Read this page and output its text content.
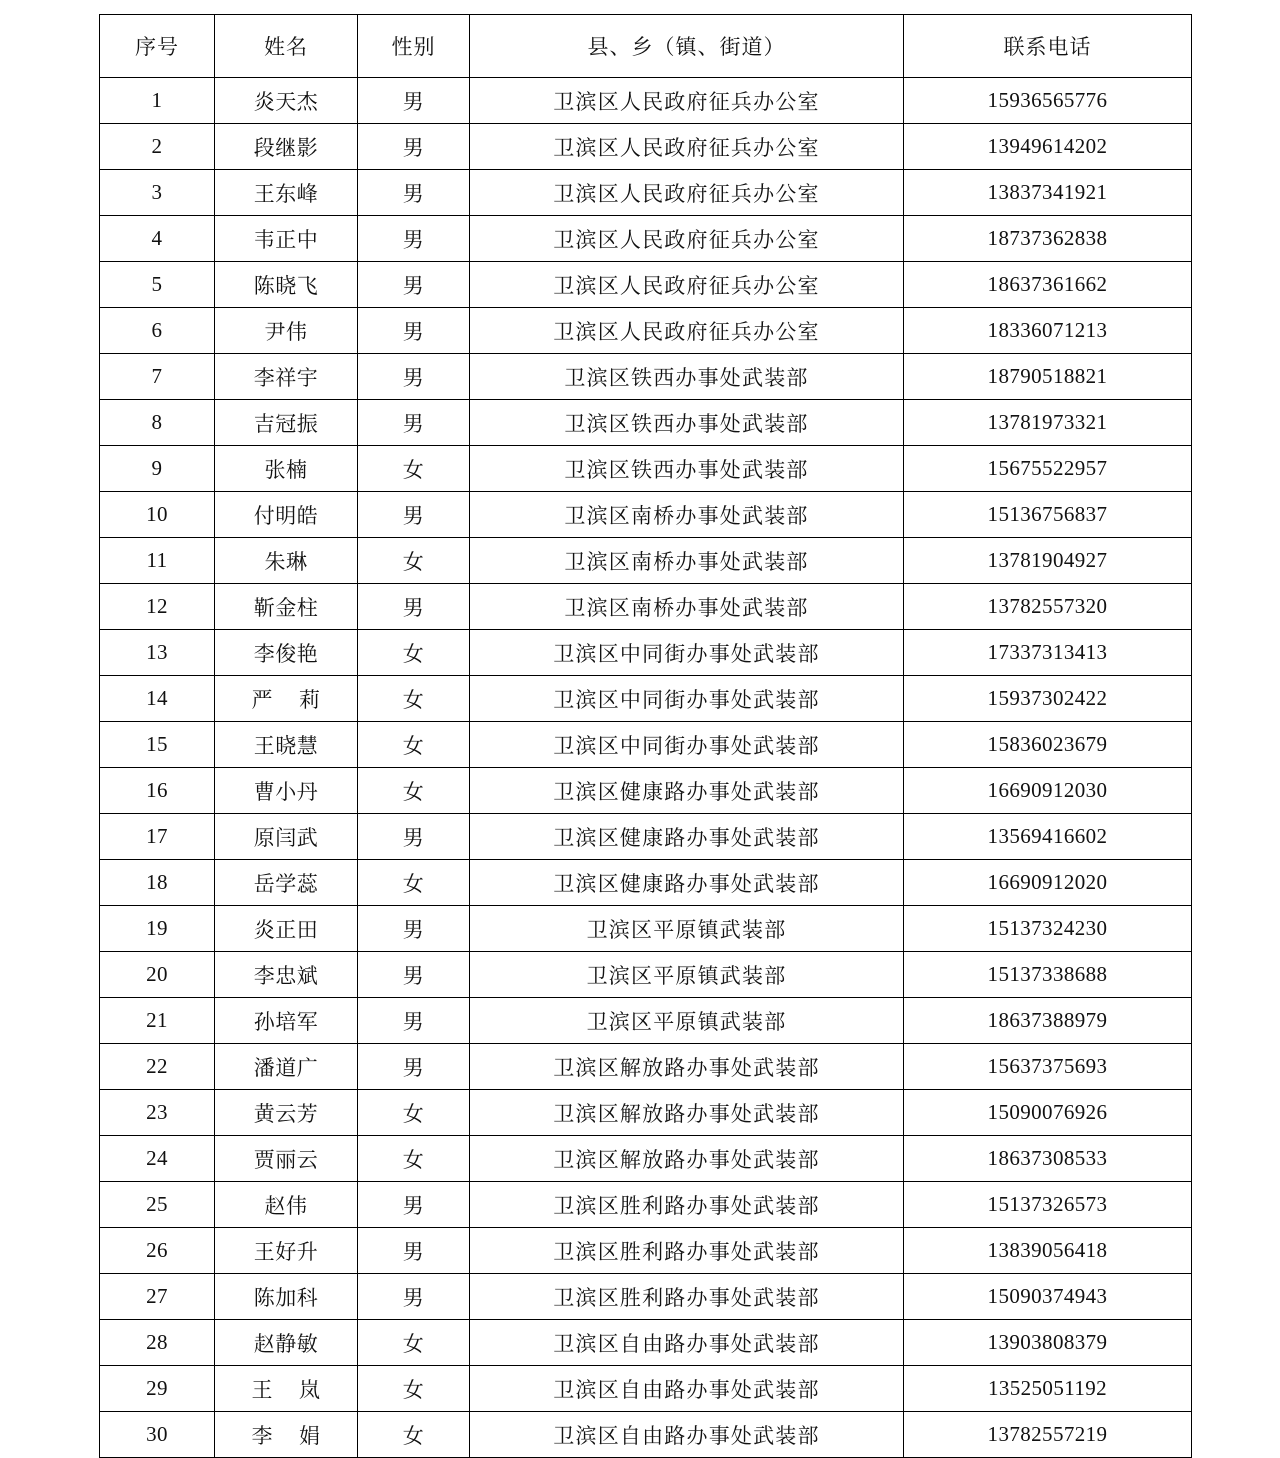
序号	姓名	性别	县、乡（镇、街道）	联系电话
1	炎天杰	男	卫滨区人民政府征兵办公室	15936565776
2	段继影	男	卫滨区人民政府征兵办公室	13949614202
3	王东峰	男	卫滨区人民政府征兵办公室	13837341921
4	韦正中	男	卫滨区人民政府征兵办公室	18737362838
5	陈晓飞	男	卫滨区人民政府征兵办公室	18637361662
6	尹伟	男	卫滨区人民政府征兵办公室	18336071213
7	李祥宇	男	卫滨区铁西办事处武装部	18790518821
8	吉冠振	男	卫滨区铁西办事处武装部	13781973321
9	张楠	女	卫滨区铁西办事处武装部	15675522957
10	付明皓	男	卫滨区南桥办事处武装部	15136756837
11	朱琳	女	卫滨区南桥办事处武装部	13781904927
12	靳金柱	男	卫滨区南桥办事处武装部	13782557320
13	李俊艳	女	卫滨区中同街办事处武装部	17337313413
14	严 莉	女	卫滨区中同街办事处武装部	15937302422
15	王晓慧	女	卫滨区中同街办事处武装部	15836023679
16	曹小丹	女	卫滨区健康路办事处武装部	16690912030
17	原闫武	男	卫滨区健康路办事处武装部	13569416602
18	岳学蕊	女	卫滨区健康路办事处武装部	16690912020
19	炎正田	男	卫滨区平原镇武装部	15137324230
20	李忠斌	男	卫滨区平原镇武装部	15137338688
21	孙培军	男	卫滨区平原镇武装部	18637388979
22	潘道广	男	卫滨区解放路办事处武装部	15637375693
23	黄云芳	女	卫滨区解放路办事处武装部	15090076926
24	贾丽云	女	卫滨区解放路办事处武装部	18637308533
25	赵伟	男	卫滨区胜利路办事处武装部	15137326573
26	王好升	男	卫滨区胜利路办事处武装部	13839056418
27	陈加科	男	卫滨区胜利路办事处武装部	15090374943
28	赵静敏	女	卫滨区自由路办事处武装部	13903808379
29	王 岚	女	卫滨区自由路办事处武装部	13525051192
30	李 娟	女	卫滨区自由路办事处武装部	13782557219
